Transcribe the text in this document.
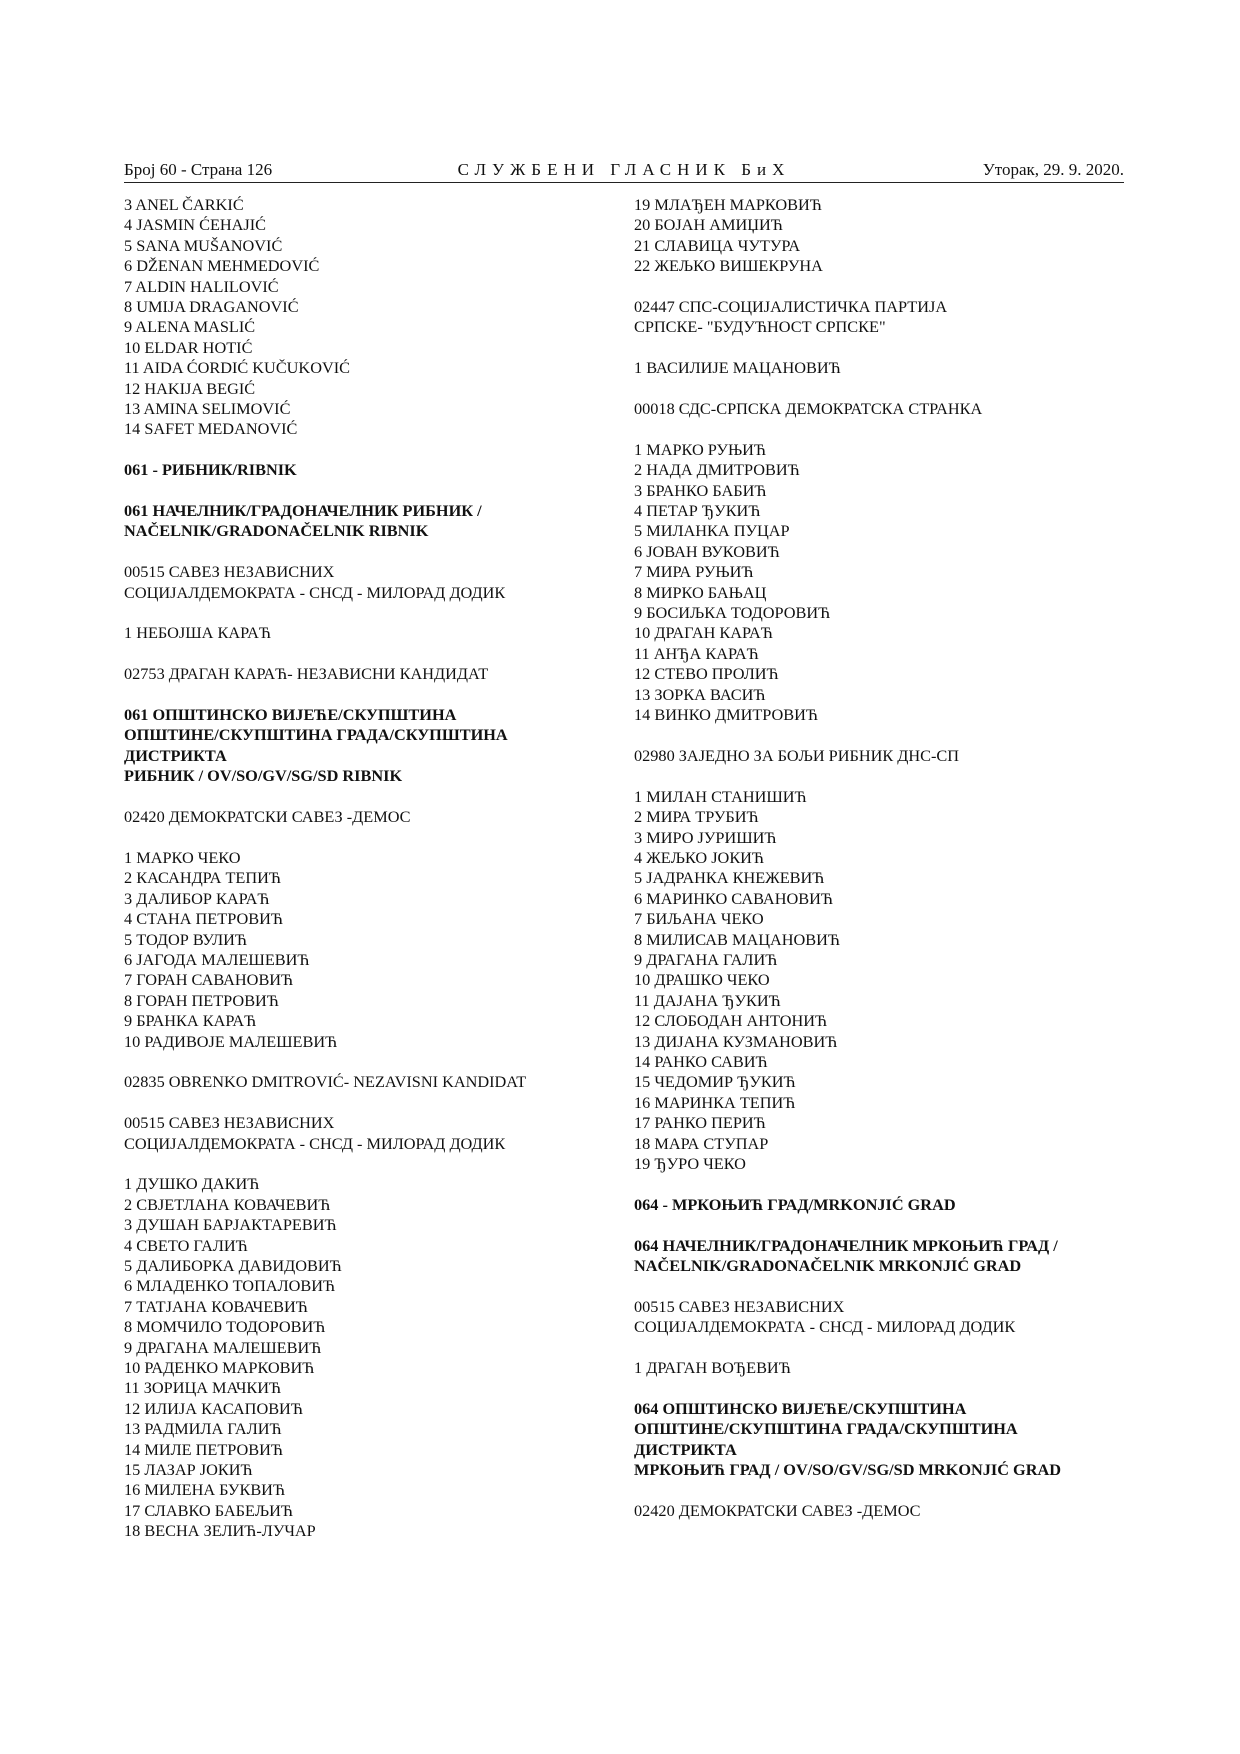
Број 60 - Страна 126	СЛУЖБЕНИ ГЛАСНИК БиХ	Уторак, 29. 9. 2020.
3 ANEL ČARKIĆ
4 JASMIN ĆEHAJIĆ
5 SANA MUŠANOVIĆ
6 DŽENAN MEHMEDOVIĆ
7 ALDIN HALILOVIĆ
8 UMIJA DRAGANOVIĆ
9 ALENA MASLIĆ
10 ELDAR HOTIĆ
11 AIDA ĆORDIĆ KUČUKOVIĆ
12 HAKIJA BEGIĆ
13 AMINA SELIMOVIĆ
14 SAFET MEDANOVIĆ
061 - РИБНИК/RIBNIK
061 НАЧЕЛНИК/ГРАДОНАЧЕЛНИК РИБНИК /
NAČELNIK/GRADONAČELNIK RIBNIK
00515 САВЕЗ НЕЗАВИСНИХ
СОЦИЈАЛДЕМОКРАТА - СНСД - МИЛОРАД ДОДИК
1 НЕБОЈША КАРАЋ
02753 ДРАГАН КАРАЋ- НЕЗАВИСНИ КАНДИДАТ
061 ОПШТИНСКО ВИЈЕЋЕ/СКУПШТИНА
ОПШТИНЕ/СКУПШТИНА ГРАДА/СКУПШТИНА
ДИСТРИКТА
РИБНИК / OV/SO/GV/SG/SD RIBNIK
02420 ДЕМОКРАТСКИ САВЕЗ -ДЕМОС
1 МАРКО ЧЕКО
2 КАСАНДРА ТЕПИЋ
3 ДАЛИБОР КАРАЋ
4 СТАНА ПЕТРОВИЋ
5 ТОДОР ВУЛИЋ
6 ЈАГОДА МАЛЕШЕВИЋ
7 ГОРАН САВАНОВИЋ
8 ГОРАН ПЕТРОВИЋ
9 БРАНКА КАРАЋ
10 РАДИВОЈЕ МАЛЕШЕВИЋ
02835 OBRENKO DMITROVIĆ- NEZAVISNI KANDIDAT
00515 САВЕЗ НЕЗАВИСНИХ
СОЦИЈАЛДЕМОКРАТА - СНСД - МИЛОРАД ДОДИК
1 ДУШКО ДАКИЋ
2 СВЈЕТЛАНА КОВАЧЕВИЋ
3 ДУШАН БАРЈАКТАРЕВИЋ
4 СВЕТО ГАЛИЋ
5 ДАЛИБОРКА ДАВИДОВИЋ
6 МЛАДЕНКО ТОПАЛОВИЋ
7 ТАТЈАНА КОВАЧЕВИЋ
8 МОМЧИЛО ТОДОРОВИЋ
9 ДРАГАНА МАЛЕШЕВИЋ
10 РАДЕНКО МАРКОВИЋ
11 ЗОРИЦА МАЧКИЋ
12 ИЛИЈА КАСАПОВИЋ
13 РАДМИЛА ГАЛИЋ
14 МИЛЕ ПЕТРОВИЋ
15 ЛАЗАР ЈОКИЋ
16 МИЛЕНА БУКВИЋ
17 СЛАВКО БАБЕЉИЋ
18 ВЕСНА ЗЕЛИЋ-ЛУЧАР
19 МЛАЂЕН МАРКОВИЋ
20 БОЈАН АМИЏИЋ
21 СЛАВИЦА ЧУТУРА
22 ЖЕЉКО ВИШЕКРУНА
02447 СПС-СОЦИЈАЛИСТИЧКА ПАРТИЈА
СРПСКЕ- "БУДУЋНОСТ СРПСКЕ"
1 ВАСИЛИЈЕ МАЦАНОВИЋ
00018 СДС-СРПСКА ДЕМОКРАТСКА СТРАНКА
1 МАРКО РУЊИЋ
2 НАДА ДМИТРОВИЋ
3 БРАНКО БАБИЋ
4 ПЕТАР ЂУКИЋ
5 МИЛАНКА ПУЦАР
6 ЈОВАН ВУКОВИЋ
7 МИРА РУЊИЋ
8 МИРКО БАЊАЦ
9 БОСИЉКА ТОДОРОВИЋ
10 ДРАГАН КАРАЋ
11 АНЂА КАРАЋ
12 СТЕВО ПРОЛИЋ
13 ЗОРКА ВАСИЋ
14 ВИНКО ДМИТРОВИЋ
02980 ЗАЈЕДНО ЗА БОЉИ РИБНИК ДНС-СП
1 МИЛАН СТАНИШИЋ
2 МИРА ТРУБИЋ
3 МИРО ЈУРИШИЋ
4 ЖЕЉКО ЈОКИЋ
5 ЈАДРАНКА КНЕЖЕВИЋ
6 МАРИНКО САВАНОВИЋ
7 БИЉАНА ЧЕКО
8 МИЛИСАВ МАЦАНОВИЋ
9 ДРАГАНА ГАЛИЋ
10 ДРАШКО ЧЕКО
11 ДАЈАНА ЂУКИЋ
12 СЛОБОДАН АНТОНИЋ
13 ДИЈАНА КУЗМАНОВИЋ
14 РАНКО САВИЋ
15 ЧЕДОМИР ЂУКИЋ
16 МАРИНКА ТЕПИЋ
17 РАНКО ПЕРИЋ
18 МАРА СТУПАР
19 ЂУРО ЧЕКО
064 - МРКОЊИЋ ГРАД/MRKONJIĆ GRAD
064 НАЧЕЛНИК/ГРАДОНАЧЕЛНИК МРКОЊИЋ ГРАД /
NAČELNIK/GRADONAČELNIK MRKONJIĆ GRAD
00515 САВЕЗ НЕЗАВИСНИХ
СОЦИЈАЛДЕМОКРАТА - СНСД - МИЛОРАД ДОДИК
1 ДРАГАН ВОЂЕВИЋ
064 ОПШТИНСКО ВИЈЕЋЕ/СКУПШТИНА
ОПШТИНЕ/СКУПШТИНА ГРАДА/СКУПШТИНА
ДИСТРИКТА
МРКОЊИЋ ГРАД / OV/SO/GV/SG/SD MRKONJIĆ GRAD
02420 ДЕМОКРАТСКИ САВЕЗ -ДЕМОС
